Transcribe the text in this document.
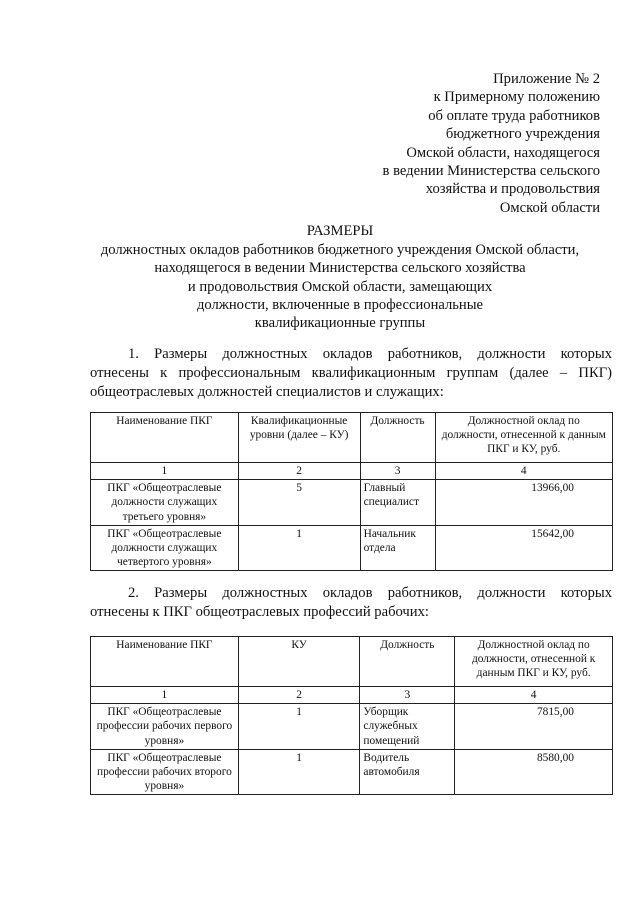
Приложение № 2
к Примерному положению
об оплате труда работников
бюджетного учреждения
Омской области, находящегося
в ведении Министерства сельского
хозяйства и продовольствия
Омской области
РАЗМЕРЫ
должностных окладов работников бюджетного учреждения Омской области,
находящегося в ведении Министерства сельского хозяйства
и продовольствия Омской области, замещающих
должности, включенные в профессиональные
квалификационные группы
1. Размеры должностных окладов работников, должности которых
отнесены к профессиональным квалификационным группам (далее – ПКГ)
общеотраслевых должностей специалистов и служащих:
Наименование ПКГ	Квалификационные уровни (далее – КУ)	Должность	Должностной оклад по должности, отнесенной к данным ПКГ и КУ, руб.
1	2	3	4
ПКГ «Общеотраслевые должности служащих третьего уровня»	5	Главный специалист	13966,00
ПКГ «Общеотраслевые должности служащих четвертого уровня»	1	Начальник отдела	15642,00
2. Размеры должностных окладов работников, должности которых
отнесены к ПКГ общеотраслевых профессий рабочих:
Наименование ПКГ	КУ	Должность	Должностной оклад по должности, отнесенной к данным ПКГ и КУ, руб.
1	2	3	4
ПКГ «Общеотраслевые профессии рабочих первого уровня»	1	Уборщик служебных помещений	7815,00
ПКГ «Общеотраслевые профессии рабочих второго уровня»	1	Водитель автомобиля	8580,00
